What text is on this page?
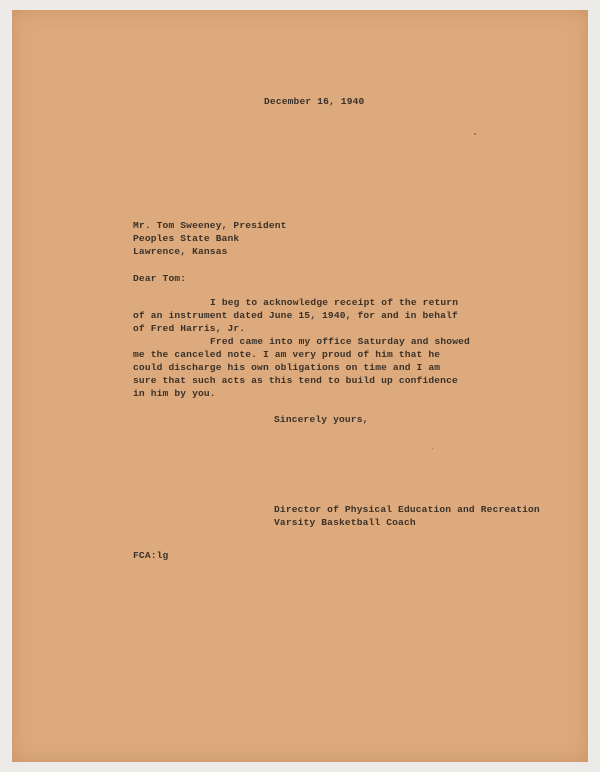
December 16, 1940
Mr. Tom Sweeney, President
Peoples State Bank
Lawrence, Kansas
Dear Tom:
I beg to acknowledge receipt of the return
of an instrument dated June 15, 1940, for and in behalf
of Fred Harris, Jr.
Fred came into my office Saturday and showed
me the canceled note. I am very proud of him that he
could discharge his own obligations on time and I am
sure that such acts as this tend to build up confidence
in him by you.
Sincerely yours,
Director of Physical Education and Recreation
Varsity Basketball Coach
FCA:lg
